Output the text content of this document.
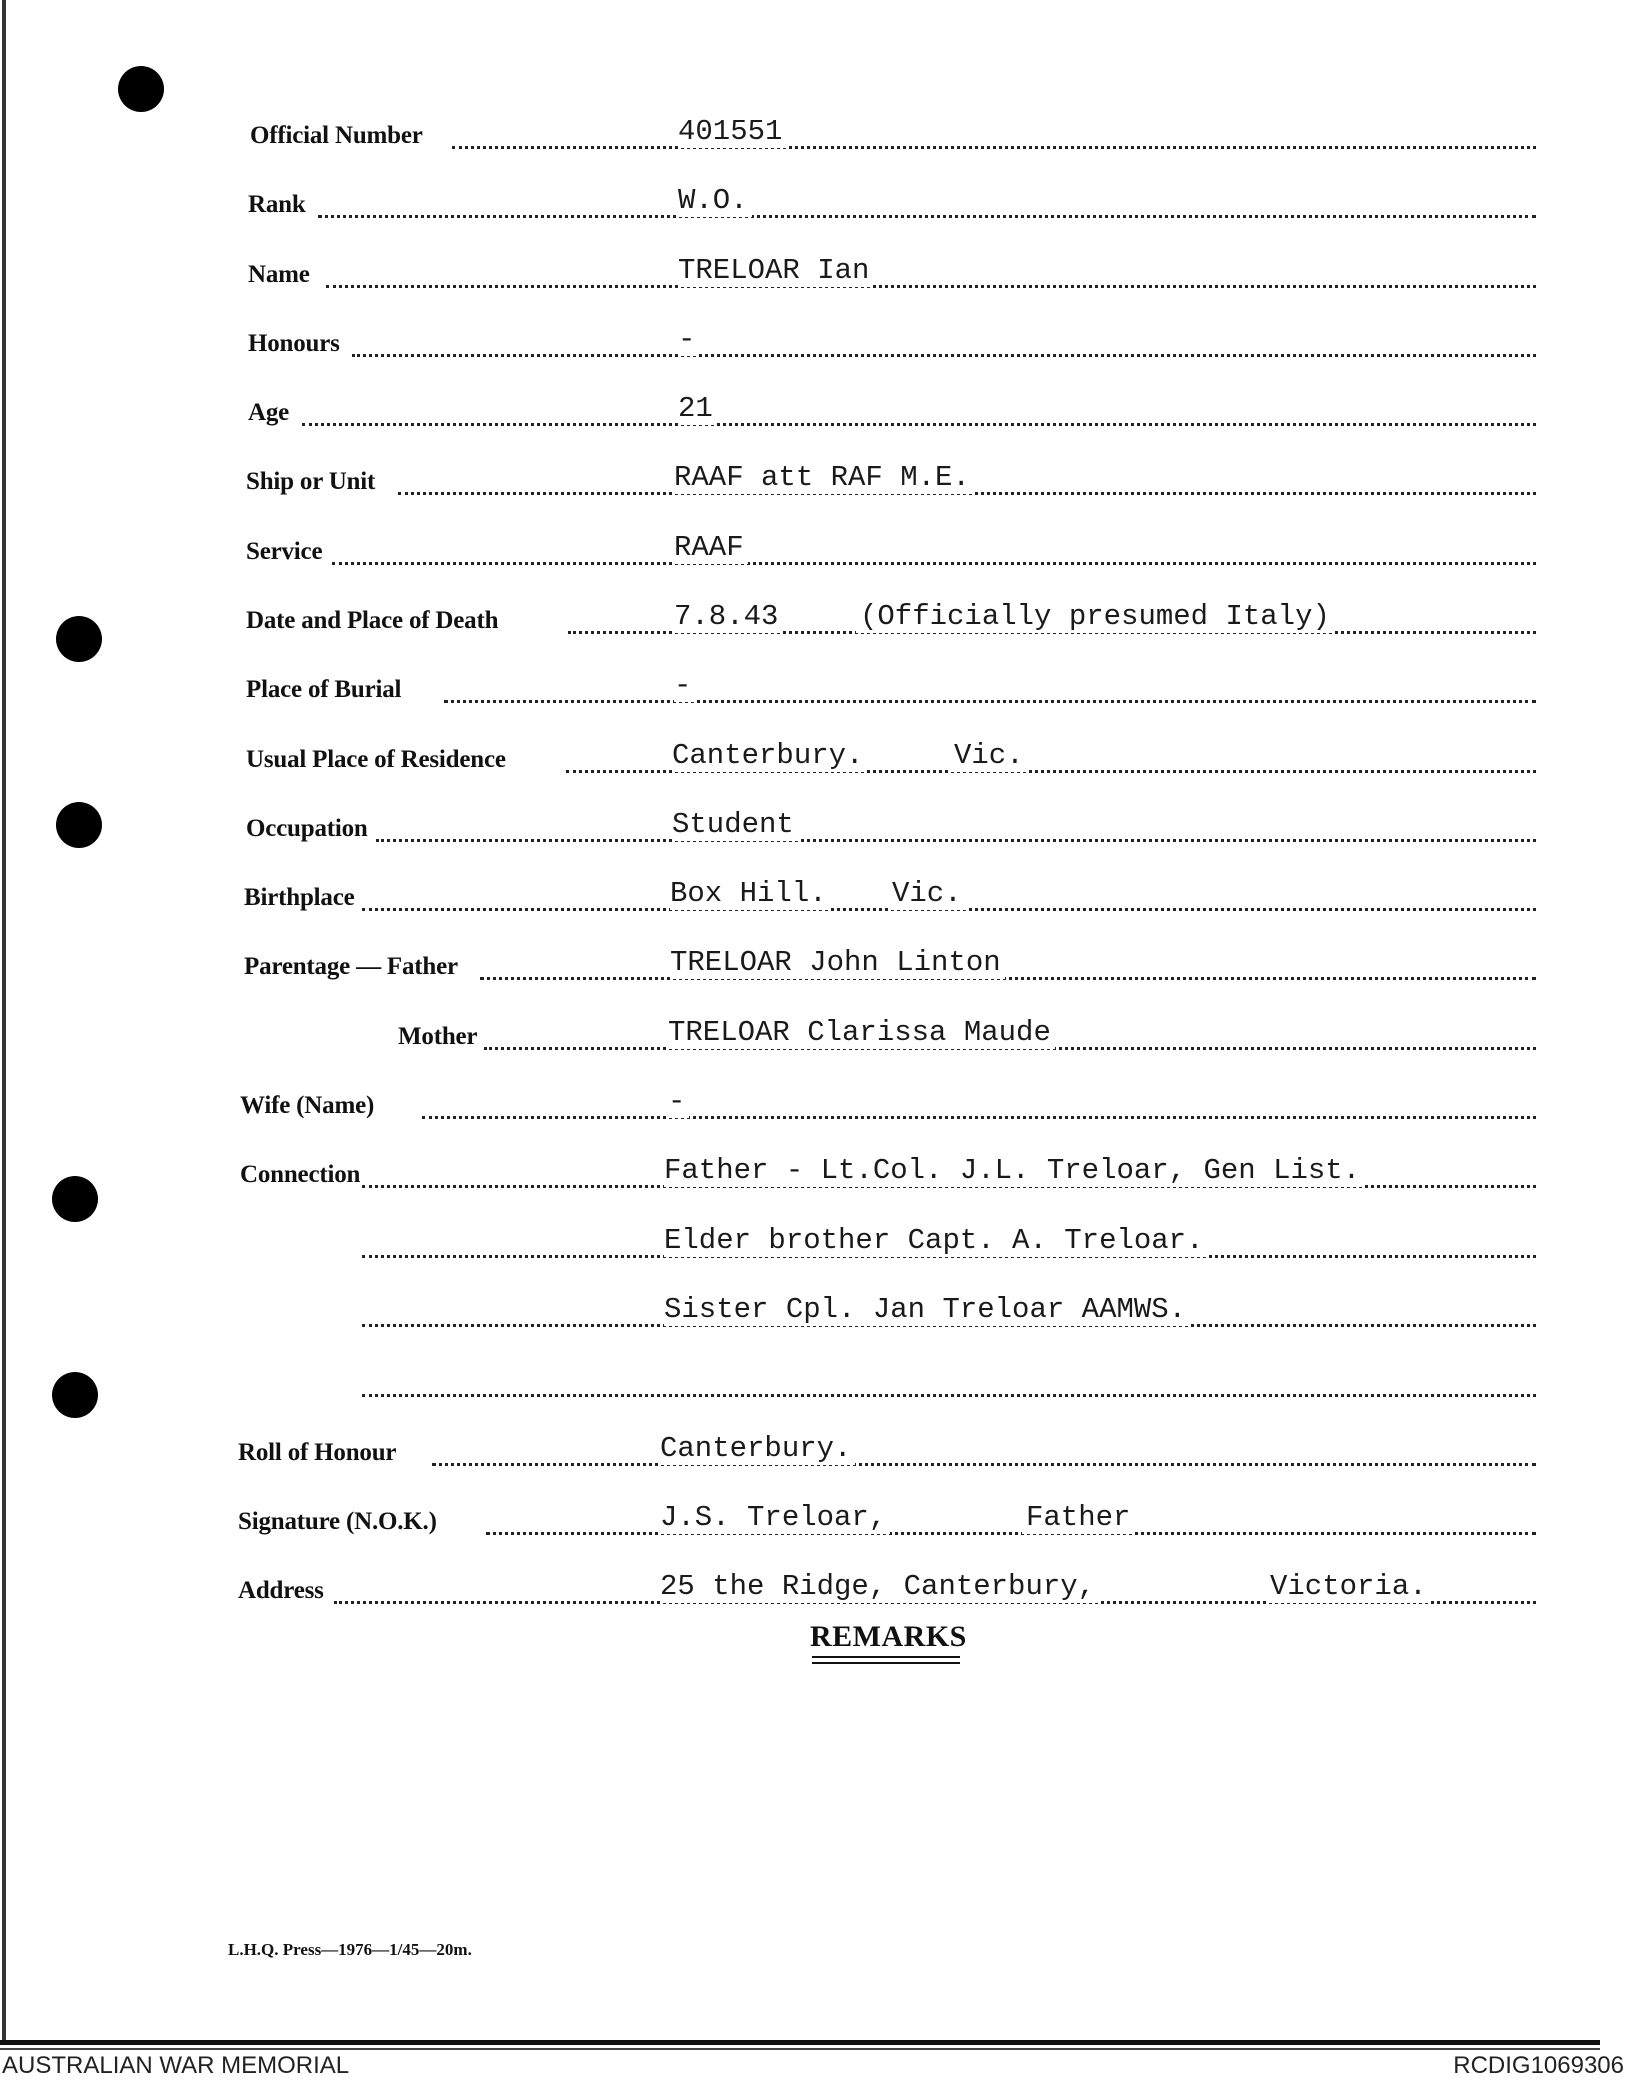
Official Number	401551
Rank	W.O.
Name	TRELOAR Ian
Honours	-
Age	21
Ship or Unit	RAAF att RAF M.E.
Service	RAAF
Date and Place of Death	7.8.43	(Officially presumed Italy)
Place of Burial	-
Usual Place of Residence	Canterbury.	Vic.
Occupation	Student
Birthplace	Box Hill. Vic.
Parentage — Father	TRELOAR John Linton
Mother	TRELOAR Clarissa Maude
Wife (Name)	-
Connection	Father - Lt.Col. J.L. Treloar, Gen List.
Elder brother Capt. A. Treloar.
Sister Cpl. Jan Treloar AAMWS.
Roll of Honour	Canterbury.
Signature (N.O.K.)	J.S. Treloar,	Father
Address	25 the Ridge, Canterbury,	Victoria.
REMARKS
L.H.Q. Press—1976—1/45—20m.
AUSTRALIAN WAR MEMORIAL	RCDIG1069306
